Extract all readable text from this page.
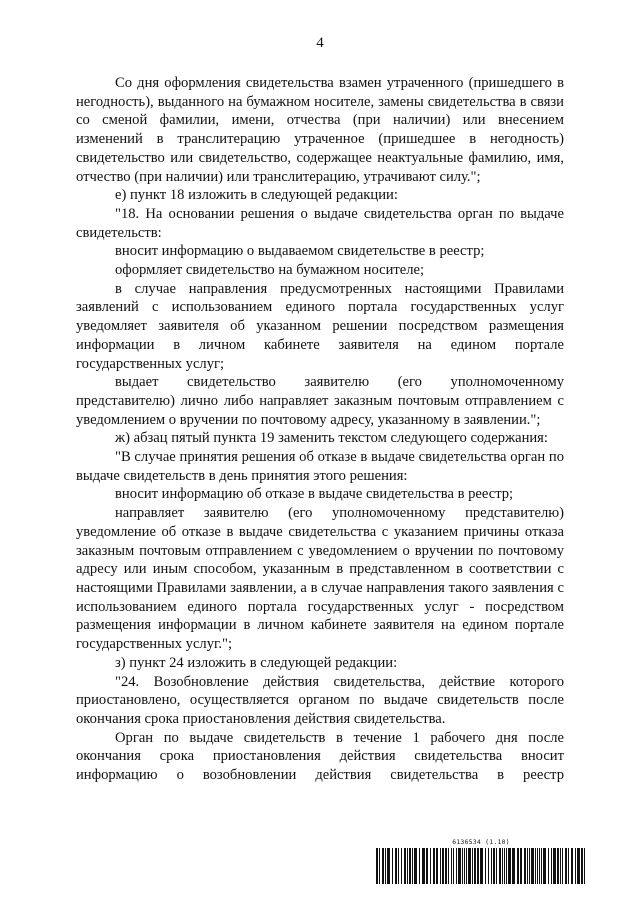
4

Со дня оформления свидетельства взамен утраченного (пришедшего в негодность), выданного на бумажном носителе, замены свидетельства в связи со сменой фамилии, имени, отчества (при наличии) или внесением изменений в транслитерацию утраченное (пришедшее в негодность) свидетельство или свидетельство, содержащее неактуальные фамилию, имя, отчество (при наличии) или транслитерацию, утрачивают силу.";

е) пункт 18 изложить в следующей редакции:

"18. На основании решения о выдаче свидетельства орган по выдаче свидетельств:

вносит информацию о выдаваемом свидетельстве в реестр;

оформляет свидетельство на бумажном носителе;

в случае направления предусмотренных настоящими Правилами заявлений с использованием единого портала государственных услуг уведомляет заявителя об указанном решении посредством размещения информации в личном кабинете заявителя на едином портале государственных услуг;

выдает свидетельство заявителю (его уполномоченному представителю) лично либо направляет заказным почтовым отправлением с уведомлением о вручении по почтовому адресу, указанному в заявлении.";

ж) абзац пятый пункта 19 заменить текстом следующего содержания:

"В случае принятия решения об отказе в выдаче свидетельства орган по выдаче свидетельств в день принятия этого решения:

вносит информацию об отказе в выдаче свидетельства в реестр;

направляет заявителю (его уполномоченному представителю) уведомление об отказе в выдаче свидетельства с указанием причины отказа заказным почтовым отправлением с уведомлением о вручении по почтовому адресу или иным способом, указанным в представленном в соответствии с настоящими Правилами заявлении, а в случае направления такого заявления с использованием единого портала государственных услуг - посредством размещения информации в личном кабинете заявителя на едином портале государственных услуг.";

з) пункт 24 изложить в следующей редакции:

"24. Возобновление действия свидетельства, действие которого приостановлено, осуществляется органом по выдаче свидетельств после окончания срока приостановления действия свидетельства.

Орган по выдаче свидетельств в течение 1 рабочего дня после окончания срока приостановления действия свидетельства вносит информацию о возобновлении действия свидетельства в реестр

6136534 (1.10)
